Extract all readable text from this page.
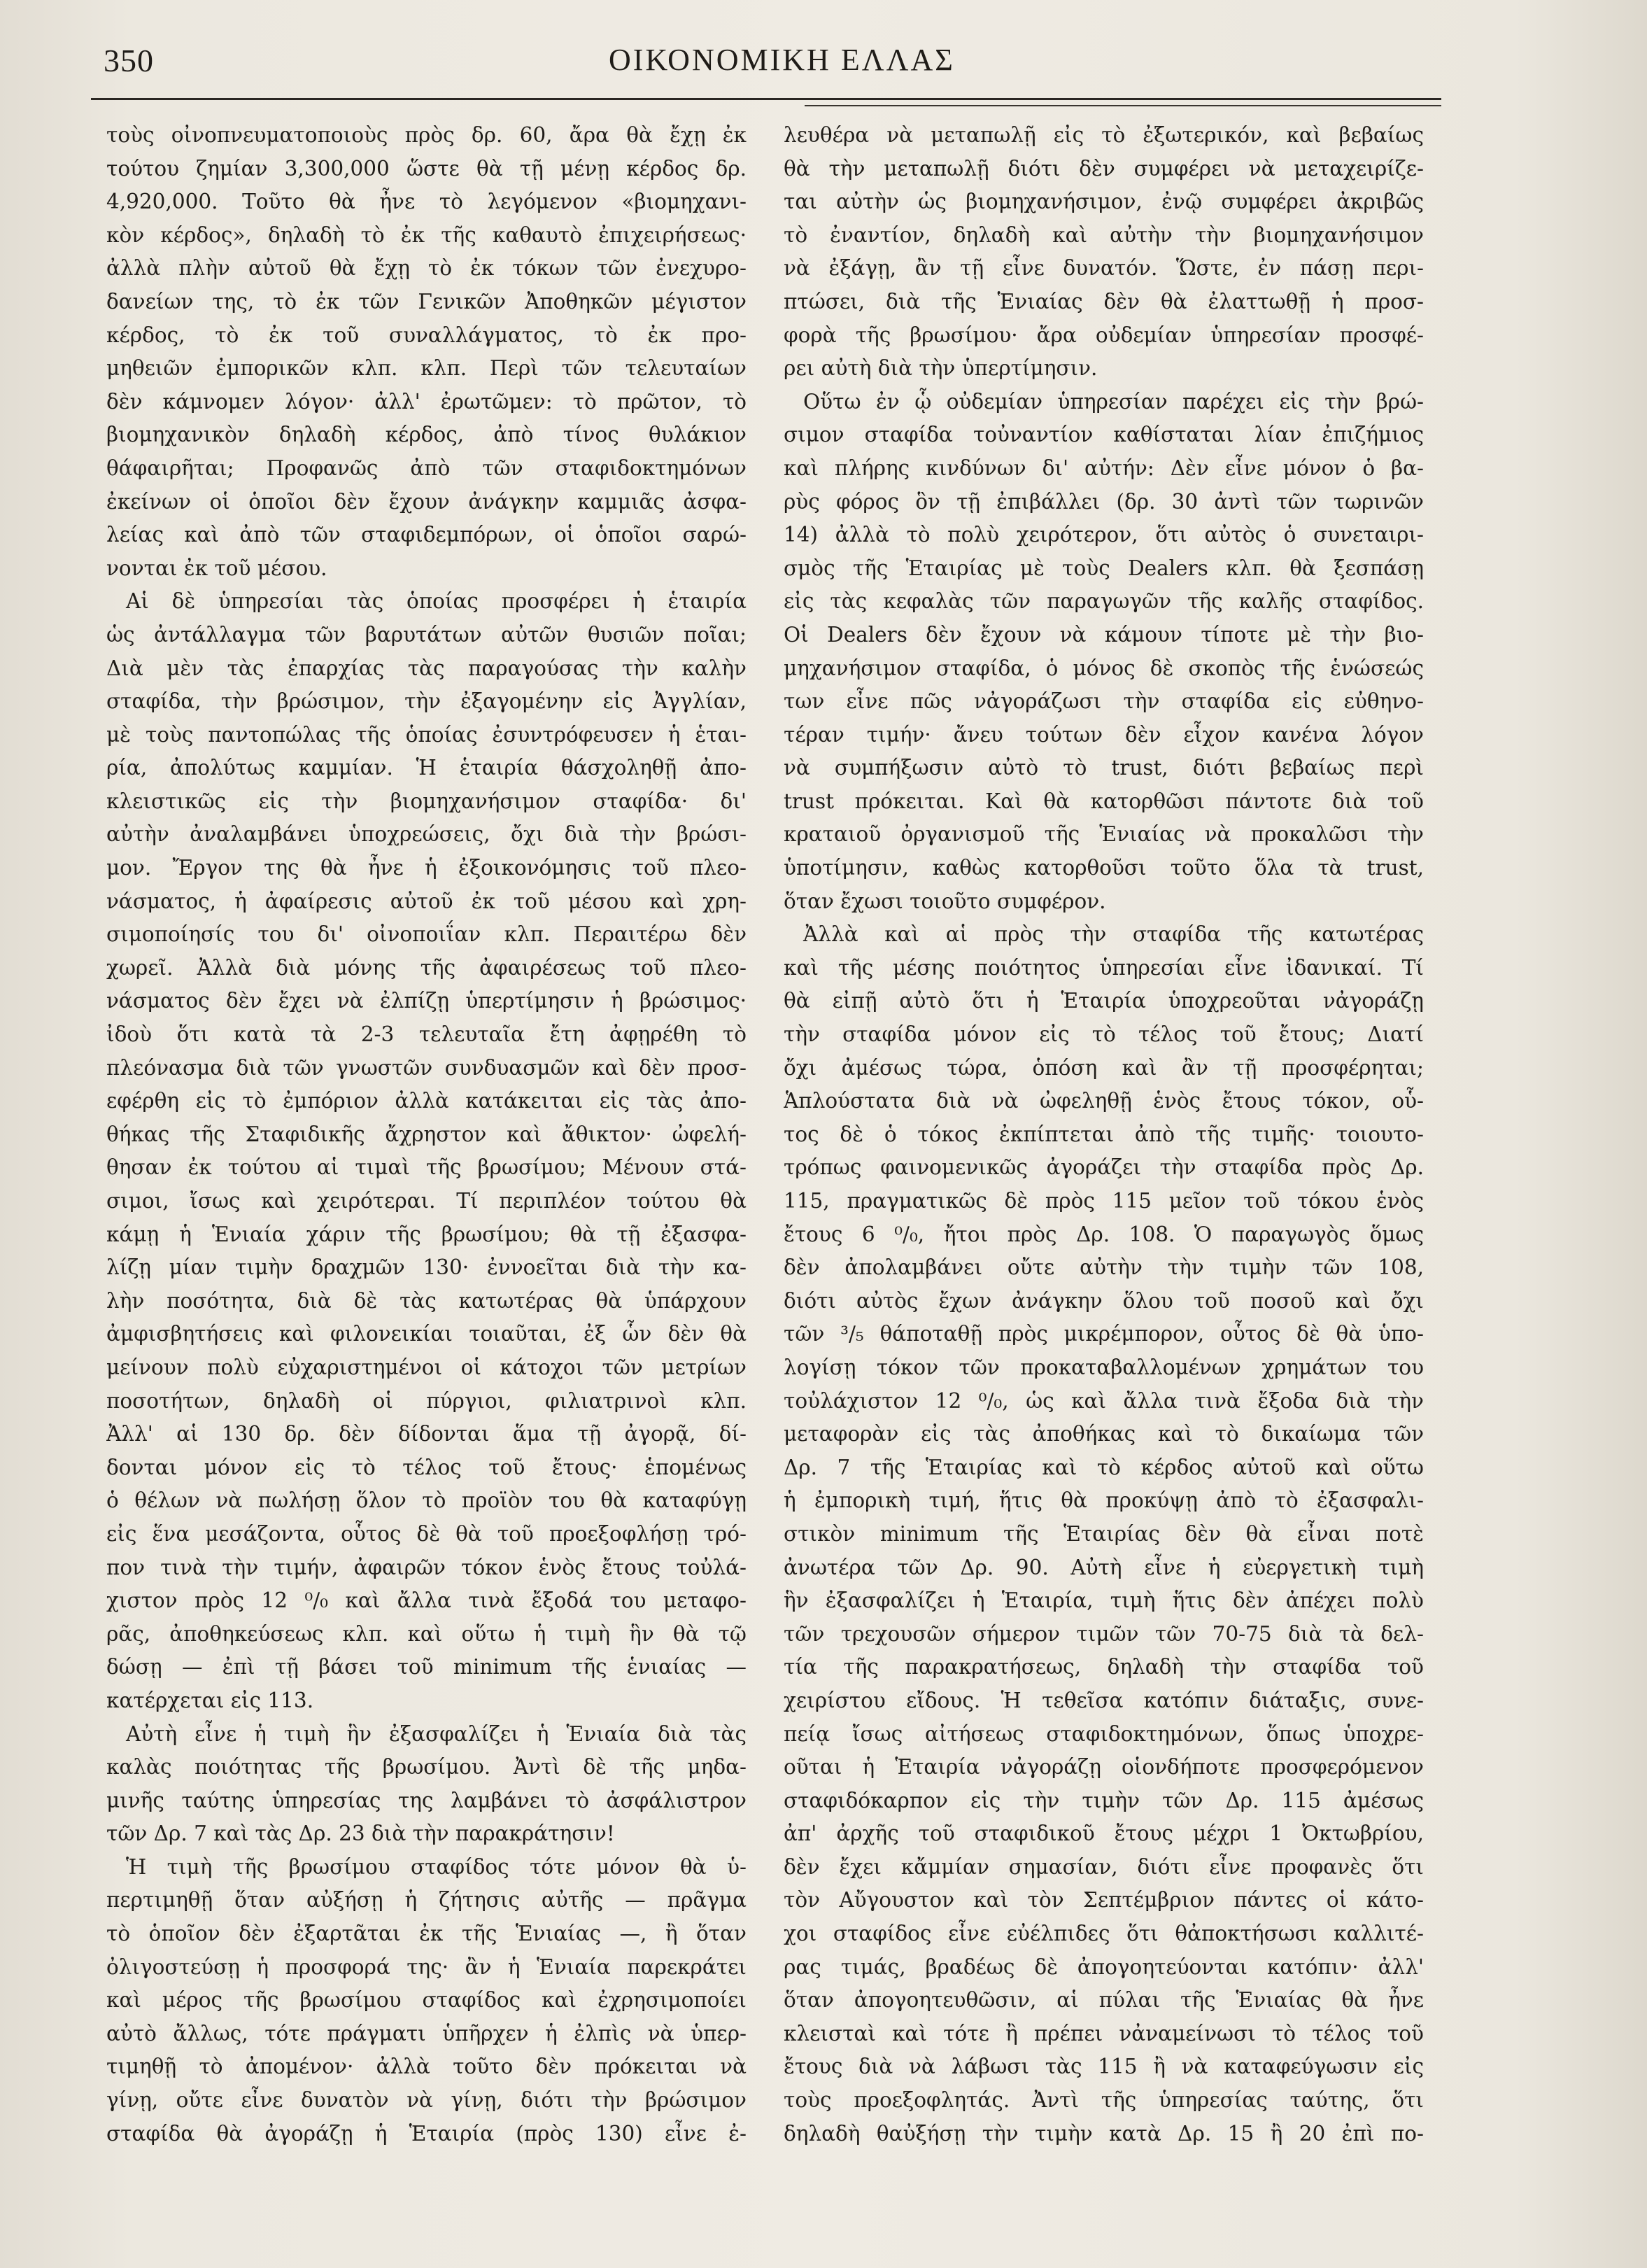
350	ΟΙΚΟΝΟΜΙΚΗ ΕΛΛΑΣ
τοὺς οἰνοπνευματοποιοὺς πρὸς δρ. 60, ἄρα θὰ ἔχῃ ἐκ
τούτου ζημίαν 3,300,000 ὥστε θὰ τῇ μένῃ κέρδος δρ.
4,920,000. Τοῦτο θὰ ἦνε τὸ λεγόμενον «βιομηχανι-
κὸν κέρδος», δηλαδὴ τὸ ἐκ τῆς καθαυτὸ ἐπιχειρήσεως·
ἀλλὰ πλὴν αὐτοῦ θὰ ἔχῃ τὸ ἐκ τόκων τῶν ἐνεχυρο-
δανείων της, τὸ ἐκ τῶν Γενικῶν Ἀποθηκῶν μέγιστον
κέρδος, τὸ ἐκ τοῦ συναλλάγματος, τὸ ἐκ προ-
μηθειῶν ἐμπορικῶν κλπ. κλπ. Περὶ τῶν τελευταίων
δὲν κάμνομεν λόγον· ἀλλ' ἐρωτῶμεν: τὸ πρῶτον, τὸ
βιομηχανικὸν δηλαδὴ κέρδος, ἀπὸ τίνος θυλάκιον
θάφαιρῆται; Προφανῶς ἀπὸ τῶν σταφιδοκτημόνων
ἐκείνων οἱ ὁποῖοι δὲν ἔχουν ἀνάγκην καμμιᾶς ἀσφα-
λείας καὶ ἀπὸ τῶν σταφιδεμπόρων, οἱ ὁποῖοι σαρώ-
νονται ἐκ τοῦ μέσου.
Αἱ δὲ ὑπηρεσίαι τὰς ὁποίας προσφέρει ἡ ἑταιρία
ὡς ἀντάλλαγμα τῶν βαρυτάτων αὐτῶν θυσιῶν ποῖαι;
Διὰ μὲν τὰς ἐπαρχίας τὰς παραγούσας τὴν καλὴν
σταφίδα, τὴν βρώσιμον, τὴν ἐξαγομένην εἰς Ἀγγλίαν,
μὲ τοὺς παντοπώλας τῆς ὁποίας ἐσυντρόφευσεν ἡ ἑται-
ρία, ἀπολύτως καμμίαν. Ἡ ἑταιρία θάσχοληθῇ ἀπο-
κλειστικῶς εἰς τὴν βιομηχανήσιμον σταφίδα· δι'
αὐτὴν ἀναλαμβάνει ὑποχρεώσεις, ὄχι διὰ τὴν βρώσι-
μον. Ἔργον της θὰ ἦνε ἡ ἐξοικονόμησις τοῦ πλεο-
νάσματος, ἡ ἀφαίρεσις αὐτοῦ ἐκ τοῦ μέσου καὶ χρη-
σιμοποίησίς του δι' οἰνοποιΐαν κλπ. Περαιτέρω δὲν
χωρεῖ. Ἀλλὰ διὰ μόνης τῆς ἀφαιρέσεως τοῦ πλεο-
νάσματος δὲν ἔχει νὰ ἐλπίζῃ ὑπερτίμησιν ἡ βρώσιμος·
ἰδοὺ ὅτι κατὰ τὰ 2-3 τελευταῖα ἔτη ἀφῃρέθη τὸ
πλεόνασμα διὰ τῶν γνωστῶν συνδυασμῶν καὶ δὲν προσ-
εφέρθη εἰς τὸ ἐμπόριον ἀλλὰ κατάκειται εἰς τὰς ἀπο-
θήκας τῆς Σταφιδικῆς ἄχρηστον καὶ ἄθικτον· ὠφελή-
θησαν ἐκ τούτου αἱ τιμαὶ τῆς βρωσίμου; Μένουν στά-
σιμοι, ἴσως καὶ χειρότεραι. Τί περιπλέον τούτου θὰ
κάμῃ ἡ Ἑνιαία χάριν τῆς βρωσίμου; θὰ τῇ ἐξασφα-
λίζῃ μίαν τιμὴν δραχμῶν 130· ἐννοεῖται διὰ τὴν κα-
λὴν ποσότητα, διὰ δὲ τὰς κατωτέρας θὰ ὑπάρχουν
ἀμφισβητήσεις καὶ φιλονεικίαι τοιαῦται, ἐξ ὧν δὲν θὰ
μείνουν πολὺ εὐχαριστημένοι οἱ κάτοχοι τῶν μετρίων
ποσοτήτων, δηλαδὴ οἱ πύργιοι, φιλιατρινοὶ κλπ.
Ἀλλ' αἱ 130 δρ. δὲν δίδονται ἅμα τῇ ἀγορᾷ, δί-
δονται μόνον εἰς τὸ τέλος τοῦ ἔτους· ἑπομένως
ὁ θέλων νὰ πωλήσῃ ὅλον τὸ προϊὸν του θὰ καταφύγῃ
εἰς ἕνα μεσάζοντα, οὗτος δὲ θὰ τοῦ προεξοφλήσῃ τρό-
πον τινὰ τὴν τιμήν, ἀφαιρῶν τόκον ἑνὸς ἔτους τοὐλά-
χιστον πρὸς 12 ⁰/₀ καὶ ἄλλα τινὰ ἔξοδά του μεταφο-
ρᾶς, ἀποθηκεύσεως κλπ. καὶ οὕτω ἡ τιμὴ ἣν θὰ τῷ
δώσῃ — ἐπὶ τῇ βάσει τοῦ minimum τῆς ἑνιαίας —
κατέρχεται εἰς 113.
Αὐτὴ εἶνε ἡ τιμὴ ἣν ἐξασφαλίζει ἡ Ἑνιαία διὰ τὰς
καλὰς ποιότητας τῆς βρωσίμου. Ἀντὶ δὲ τῆς μηδα-
μινῆς ταύτης ὑπηρεσίας της λαμβάνει τὸ ἀσφάλιστρον
τῶν Δρ. 7 καὶ τὰς Δρ. 23 διὰ τὴν παρακράτησιν!
Ἡ τιμὴ τῆς βρωσίμου σταφίδος τότε μόνον θὰ ὑ-
περτιμηθῇ ὅταν αὐξήσῃ ἡ ζήτησις αὐτῆς — πρᾶγμα
τὸ ὁποῖον δὲν ἐξαρτᾶται ἐκ τῆς Ἑνιαίας —, ἢ ὅταν
ὀλιγοστεύσῃ ἡ προσφορά της· ἂν ἡ Ἑνιαία παρεκράτει
καὶ μέρος τῆς βρωσίμου σταφίδος καὶ ἐχρησιμοποίει
αὐτὸ ἄλλως, τότε πράγματι ὑπῆρχεν ἡ ἐλπὶς νὰ ὑπερ-
τιμηθῇ τὸ ἀπομένον· ἀλλὰ τοῦτο δὲν πρόκειται νὰ
γίνῃ, οὔτε εἶνε δυνατὸν νὰ γίνῃ, διότι τὴν βρώσιμον
σταφίδα θὰ ἀγοράζῃ ἡ Ἑταιρία (πρὸς 130) εἶνε ἐ-
λευθέρα νὰ μεταπωλῇ εἰς τὸ ἐξωτερικόν, καὶ βεβαίως
θὰ τὴν μεταπωλῇ διότι δὲν συμφέρει νὰ μεταχειρίζε-
ται αὐτὴν ὡς βιομηχανήσιμον, ἐνῷ συμφέρει ἀκριβῶς
τὸ ἐναντίον, δηλαδὴ καὶ αὐτὴν τὴν βιομηχανήσιμον
νὰ ἐξάγῃ, ἂν τῇ εἶνε δυνατόν. Ὥστε, ἐν πάσῃ περι-
πτώσει, διὰ τῆς Ἑνιαίας δὲν θὰ ἐλαττωθῇ ἡ προσ-
φορὰ τῆς βρωσίμου· ἄρα οὐδεμίαν ὑπηρεσίαν προσφέ-
ρει αὐτὴ διὰ τὴν ὑπερτίμησιν.
Οὕτω ἐν ᾧ οὐδεμίαν ὑπηρεσίαν παρέχει εἰς τὴν βρώ-
σιμον σταφίδα τοὐναντίον καθίσταται λίαν ἐπιζήμιος
καὶ πλήρης κινδύνων δι' αὐτήν: Δὲν εἶνε μόνον ὁ βα-
ρὺς φόρος ὃν τῇ ἐπιβάλλει (δρ. 30 ἀντὶ τῶν τωρινῶν
14) ἀλλὰ τὸ πολὺ χειρότερον, ὅτι αὐτὸς ὁ συνεταιρι-
σμὸς τῆς Ἑταιρίας μὲ τοὺς Dealers κλπ. θὰ ξεσπάσῃ
εἰς τὰς κεφαλὰς τῶν παραγωγῶν τῆς καλῆς σταφίδος.
Οἱ Dealers δὲν ἔχουν νὰ κάμουν τίποτε μὲ τὴν βιο-
μηχανήσιμον σταφίδα, ὁ μόνος δὲ σκοπὸς τῆς ἑνώσεώς
των εἶνε πῶς νἀγοράζωσι τὴν σταφίδα εἰς εὐθηνο-
τέραν τιμήν· ἄνευ τούτων δὲν εἶχον κανένα λόγον
νὰ συμπήξωσιν αὐτὸ τὸ trust, διότι βεβαίως περὶ
trust πρόκειται. Καὶ θὰ κατορθῶσι πάντοτε διὰ τοῦ
κραταιοῦ ὀργανισμοῦ τῆς Ἑνιαίας νὰ προκαλῶσι τὴν
ὑποτίμησιν, καθὼς κατορθοῦσι τοῦτο ὅλα τὰ trust,
ὅταν ἔχωσι τοιοῦτο συμφέρον.
Ἀλλὰ καὶ αἱ πρὸς τὴν σταφίδα τῆς κατωτέρας
καὶ τῆς μέσης ποιότητος ὑπηρεσίαι εἶνε ἰδανικαί. Τί
θὰ εἰπῇ αὐτὸ ὅτι ἡ Ἑταιρία ὑποχρεοῦται νἀγοράζῃ
τὴν σταφίδα μόνον εἰς τὸ τέλος τοῦ ἔτους; Διατί
ὄχι ἀμέσως τώρα, ὁπόση καὶ ἂν τῇ προσφέρηται;
Ἁπλούστατα διὰ νὰ ὠφεληθῇ ἑνὸς ἔτους τόκον, οὗ-
τος δὲ ὁ τόκος ἐκπίπτεται ἀπὸ τῆς τιμῆς· τοιουτο-
τρόπως φαινομενικῶς ἀγοράζει τὴν σταφίδα πρὸς Δρ.
115, πραγματικῶς δὲ πρὸς 115 μεῖον τοῦ τόκου ἑνὸς
ἔτους 6 ⁰/₀, ἤτοι πρὸς Δρ. 108. Ὁ παραγωγὸς ὅμως
δὲν ἀπολαμβάνει οὔτε αὐτὴν τὴν τιμὴν τῶν 108,
διότι αὐτὸς ἔχων ἀνάγκην ὅλου τοῦ ποσοῦ καὶ ὄχι
τῶν ³/₅ θάποταθῇ πρὸς μικρέμπορον, οὗτος δὲ θὰ ὑπο-
λογίσῃ τόκον τῶν προκαταβαλλομένων χρημάτων του
τοὐλάχιστον 12 ⁰/₀, ὡς καὶ ἄλλα τινὰ ἔξοδα διὰ τὴν
μεταφορὰν εἰς τὰς ἀποθήκας καὶ τὸ δικαίωμα τῶν
Δρ. 7 τῆς Ἑταιρίας καὶ τὸ κέρδος αὐτοῦ καὶ οὕτω
ἡ ἐμπορικὴ τιμή, ἥτις θὰ προκύψῃ ἀπὸ τὸ ἐξασφαλι-
στικὸν minimum τῆς Ἑταιρίας δὲν θὰ εἶναι ποτὲ
ἀνωτέρα τῶν Δρ. 90. Αὐτὴ εἶνε ἡ εὐεργετικὴ τιμὴ
ἣν ἐξασφαλίζει ἡ Ἑταιρία, τιμὴ ἥτις δὲν ἀπέχει πολὺ
τῶν τρεχουσῶν σήμερον τιμῶν τῶν 70-75 διὰ τὰ δελ-
τία τῆς παρακρατήσεως, δηλαδὴ τὴν σταφίδα τοῦ
χειρίστου εἴδους. Ἡ τεθεῖσα κατόπιν διάταξις, συνε-
πείᾳ ἴσως αἰτήσεως σταφιδοκτημόνων, ὅπως ὑποχρε-
οῦται ἡ Ἑταιρία νἀγοράζῃ οἱονδήποτε προσφερόμενον
σταφιδόκαρπον εἰς τὴν τιμὴν τῶν Δρ. 115 ἀμέσως
ἀπ' ἀρχῆς τοῦ σταφιδικοῦ ἔτους μέχρι 1 Ὀκτωβρίου,
δὲν ἔχει κἄμμίαν σημασίαν, διότι εἶνε προφανὲς ὅτι
τὸν Αὔγουστον καὶ τὸν Σεπτέμβριον πάντες οἱ κάτο-
χοι σταφίδος εἶνε εὐέλπιδες ὅτι θἀποκτήσωσι καλλιτέ-
ρας τιμάς, βραδέως δὲ ἀπογοητεύονται κατόπιν· ἀλλ'
ὅταν ἀπογοητευθῶσιν, αἱ πύλαι τῆς Ἑνιαίας θὰ ἦνε
κλεισταὶ καὶ τότε ἢ πρέπει νἀναμείνωσι τὸ τέλος τοῦ
ἔτους διὰ νὰ λάβωσι τὰς 115 ἢ νὰ καταφεύγωσιν εἰς
τοὺς προεξοφλητάς. Ἀντὶ τῆς ὑπηρεσίας ταύτης, ὅτι
δηλαδὴ θαὐξήσῃ τὴν τιμὴν κατὰ Δρ. 15 ἢ 20 ἐπὶ πο-
